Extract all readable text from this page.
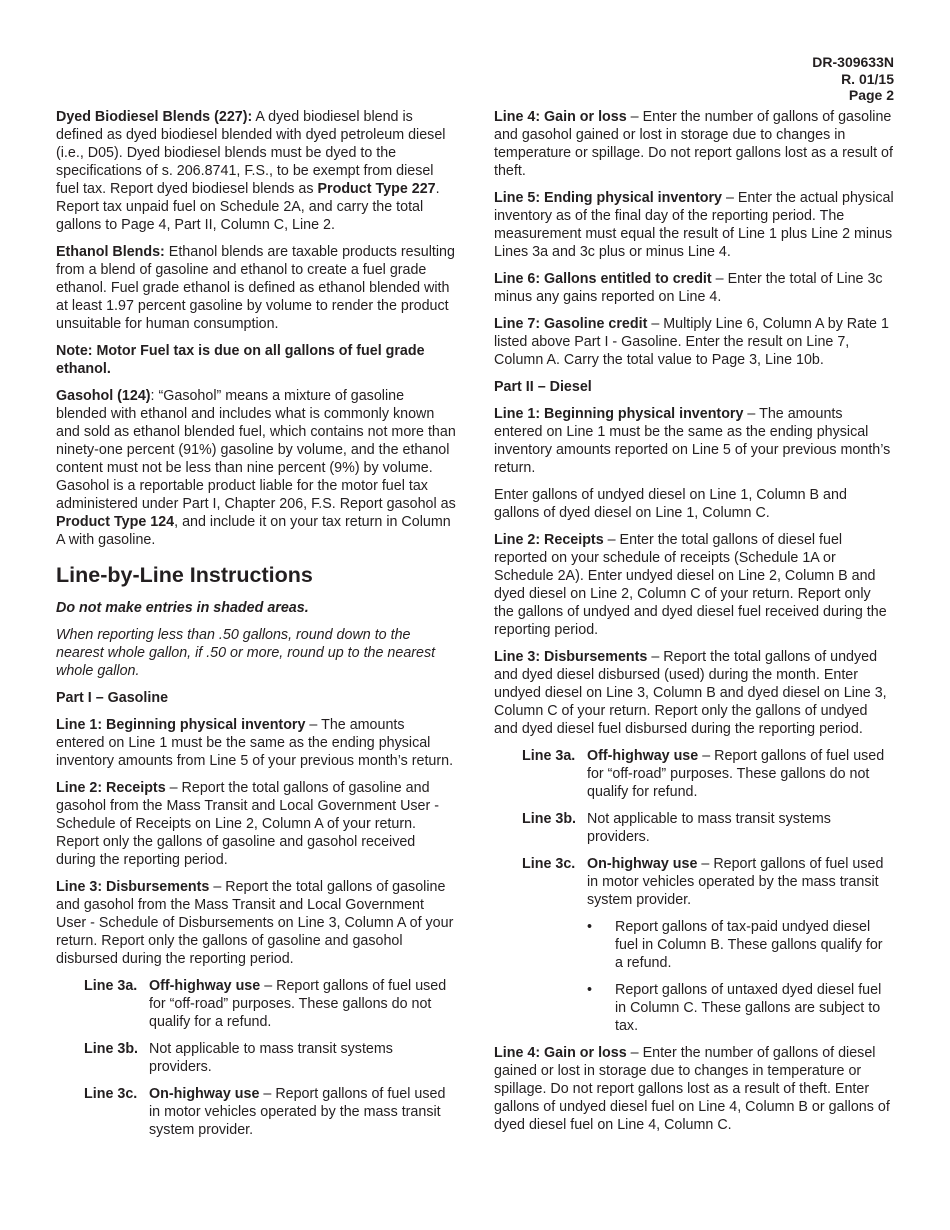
DR-309633N
R. 01/15
Page 2

Dyed Biodiesel Blends (227): A dyed biodiesel blend is defined as dyed biodiesel blended with dyed petroleum diesel (i.e., D05). Dyed biodiesel blends must be dyed to the specifications of s. 206.8741, F.S., to be exempt from diesel fuel tax. Report dyed biodiesel blends as Product Type 227. Report tax unpaid fuel on Schedule 2A, and carry the total gallons to Page 4, Part II, Column C, Line 2.

Ethanol Blends: Ethanol blends are taxable products resulting from a blend of gasoline and ethanol to create a fuel grade ethanol. Fuel grade ethanol is defined as ethanol blended with at least 1.97 percent gasoline by volume to render the product unsuitable for human consumption.

Note: Motor Fuel tax is due on all gallons of fuel grade ethanol.

Gasohol (124): “Gasohol” means a mixture of gasoline blended with ethanol and includes what is commonly known and sold as ethanol blended fuel, which contains not more than ninety-one percent (91%) gasoline by volume, and the ethanol content must not be less than nine percent (9%) by volume. Gasohol is a reportable product liable for the motor fuel tax administered under Part I, Chapter 206, F.S. Report gasohol as Product Type 124, and include it on your tax return in Column A with gasoline.

Line-by-Line Instructions

Do not make entries in shaded areas.

When reporting less than .50 gallons, round down to the nearest whole gallon, if .50 or more, round up to the nearest whole gallon.

Part I – Gasoline

Line 1: Beginning physical inventory – The amounts entered on Line 1 must be the same as the ending physical inventory amounts from Line 5 of your previous month’s return.

Line 2: Receipts – Report the total gallons of gasoline and gasohol from the Mass Transit and Local Government User - Schedule of Receipts on Line 2, Column A of your return. Report only the gallons of gasoline and gasohol received during the reporting period.

Line 3: Disbursements – Report the total gallons of gasoline and gasohol from the Mass Transit and Local Government User - Schedule of Disbursements on Line 3, Column A of your return. Report only the gallons of gasoline and gasohol disbursed during the reporting period.

Line 3a. Off-highway use – Report gallons of fuel used for “off-road” purposes. These gallons do not qualify for a refund.
Line 3b. Not applicable to mass transit systems providers.
Line 3c. On-highway use – Report gallons of fuel used in motor vehicles operated by the mass transit system provider.

Line 4: Gain or loss – Enter the number of gallons of gasoline and gasohol gained or lost in storage due to changes in temperature or spillage. Do not report gallons lost as a result of theft.

Line 5: Ending physical inventory – Enter the actual physical inventory as of the final day of the reporting period. The measurement must equal the result of Line 1 plus Line 2 minus Lines 3a and 3c plus or minus Line 4.

Line 6: Gallons entitled to credit – Enter the total of Line 3c minus any gains reported on Line 4.

Line 7: Gasoline credit – Multiply Line 6, Column A by Rate 1 listed above Part I - Gasoline. Enter the result on Line 7, Column A. Carry the total value to Page 3, Line 10b.

Part II – Diesel

Line 1: Beginning physical inventory – The amounts entered on Line 1 must be the same as the ending physical inventory amounts reported on Line 5 of your previous month’s return.

Enter gallons of undyed diesel on Line 1, Column B and gallons of dyed diesel on Line 1, Column C.

Line 2: Receipts – Enter the total gallons of diesel fuel reported on your schedule of receipts (Schedule 1A or Schedule 2A). Enter undyed diesel on Line 2, Column B and dyed diesel on Line 2, Column C of your return. Report only the gallons of undyed and dyed diesel fuel received during the reporting period.

Line 3: Disbursements – Report the total gallons of undyed and dyed diesel disbursed (used) during the month. Enter undyed diesel on Line 3, Column B and dyed diesel on Line 3, Column C of your return. Report only the gallons of undyed and dyed diesel fuel disbursed during the reporting period.

Line 3a. Off-highway use – Report gallons of fuel used for “off-road” purposes. These gallons do not qualify for refund.
Line 3b. Not applicable to mass transit systems providers.
Line 3c. On-highway use – Report gallons of fuel used in motor vehicles operated by the mass transit system provider.
•	Report gallons of tax-paid undyed diesel fuel in Column B. These gallons qualify for a refund.
•	Report gallons of untaxed dyed diesel fuel in Column C. These gallons are subject to tax.

Line 4: Gain or loss – Enter the number of gallons of diesel gained or lost in storage due to changes in temperature or spillage. Do not report gallons lost as a result of theft. Enter gallons of undyed diesel fuel on Line 4, Column B or gallons of dyed diesel fuel on Line 4, Column C.
